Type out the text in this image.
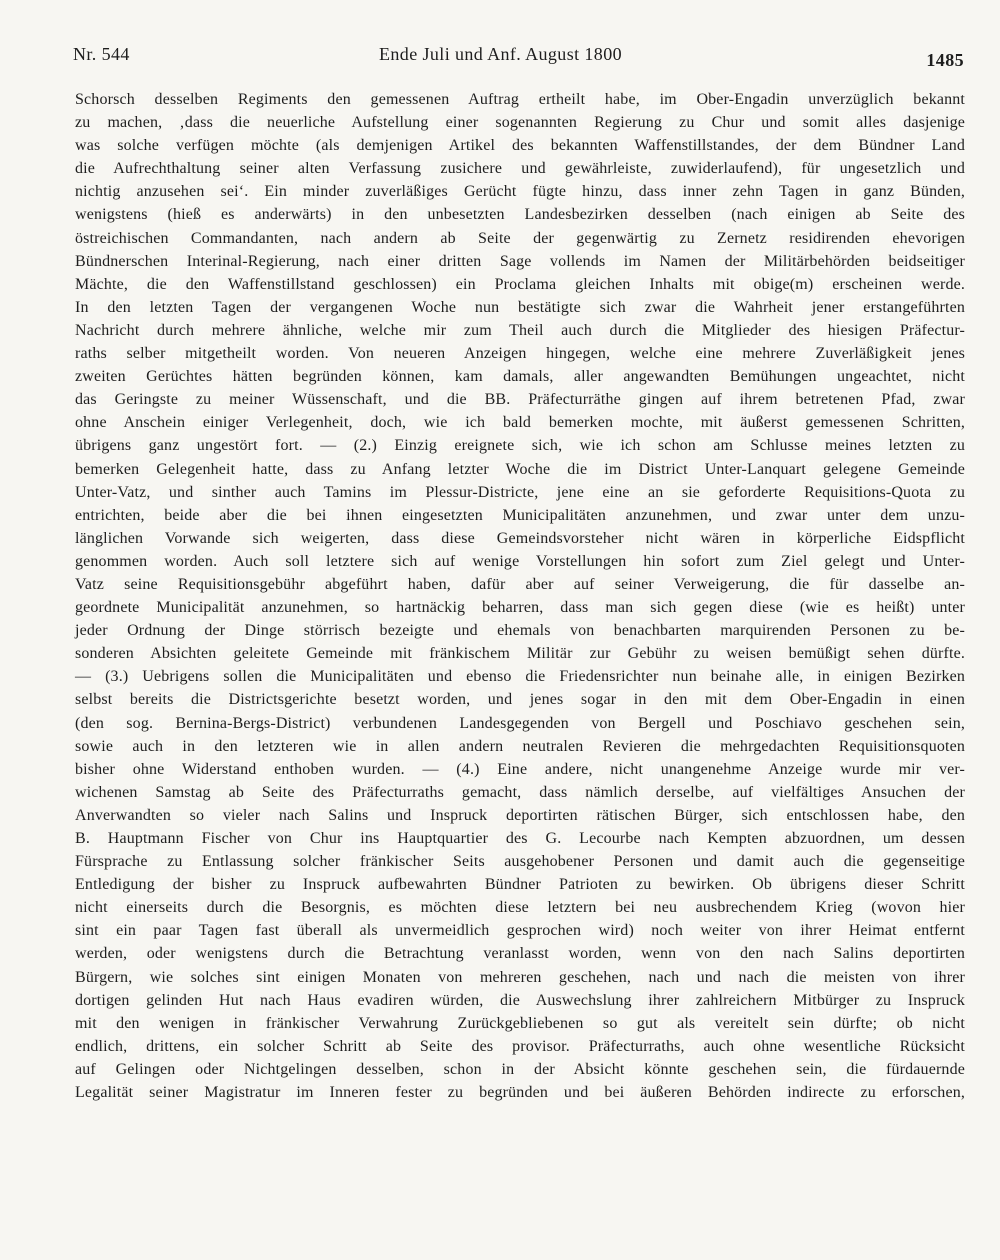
Nr. 544	Ende Juli und Anf. August 1800	1485
Schorsch desselben Regiments den gemessenen Auftrag ertheilt habe, im Ober-Engadin unverzüglich bekannt
zu machen, ‚dass die neuerliche Aufstellung einer sogenannten Regierung zu Chur und somit alles dasjenige
was solche verfügen möchte (als demjenigen Artikel des bekannten Waffenstillstandes, der dem Bündner Land
die Aufrechthaltung seiner alten Verfassung zusichere und gewährleiste, zuwiderlaufend), für ungesetzlich und
nichtig anzusehen sei‘. Ein minder zuverläßiges Gerücht fügte hinzu, dass inner zehn Tagen in ganz Bünden,
wenigstens (hieß es anderwärts) in den unbesetzten Landesbezirken desselben (nach einigen ab Seite des
östreichischen Commandanten, nach andern ab Seite der gegenwärtig zu Zernetz residirenden ehevorigen
Bündnerschen Interinal-Regierung, nach einer dritten Sage vollends im Namen der Militärbehörden beidseitiger
Mächte, die den Waffenstillstand geschlossen) ein Proclama gleichen Inhalts mit obige(m) erscheinen werde.
In den letzten Tagen der vergangenen Woche nun bestätigte sich zwar die Wahrheit jener erstangeführten
Nachricht durch mehrere ähnliche, welche mir zum Theil auch durch die Mitglieder des hiesigen Präfectur-
raths selber mitgetheilt worden. Von neueren Anzeigen hingegen, welche eine mehrere Zuverläßigkeit jenes
zweiten Gerüchtes hätten begründen können, kam damals, aller angewandten Bemühungen ungeachtet, nicht
das Geringste zu meiner Wüssenschaft, und die BB. Präfecturräthe gingen auf ihrem betretenen Pfad, zwar
ohne Anschein einiger Verlegenheit, doch, wie ich bald bemerken mochte, mit äußerst gemessenen Schritten,
übrigens ganz ungestört fort. — (2.) Einzig ereignete sich, wie ich schon am Schlusse meines letzten zu
bemerken Gelegenheit hatte, dass zu Anfang letzter Woche die im District Unter-Lanquart gelegene Gemeinde
Unter-Vatz, und sinther auch Tamins im Plessur-Districte, jene eine an sie geforderte Requisitions-Quota zu
entrichten, beide aber die bei ihnen eingesetzten Municipalitäten anzunehmen, und zwar unter dem unzu-
länglichen Vorwande sich weigerten, dass diese Gemeindsvorsteher nicht wären in körperliche Eidspflicht
genommen worden. Auch soll letztere sich auf wenige Vorstellungen hin sofort zum Ziel gelegt und Unter-
Vatz seine Requisitionsgebühr abgeführt haben, dafür aber auf seiner Verweigerung, die für dasselbe an-
geordnete Municipalität anzunehmen, so hartnäckig beharren, dass man sich gegen diese (wie es heißt) unter
jeder Ordnung der Dinge störrisch bezeigte und ehemals von benachbarten marquirenden Personen zu be-
sonderen Absichten geleitete Gemeinde mit fränkischem Militär zur Gebühr zu weisen bemüßigt sehen dürfte.
— (3.) Uebrigens sollen die Municipalitäten und ebenso die Friedensrichter nun beinahe alle, in einigen Bezirken
selbst bereits die Districtsgerichte besetzt worden, und jenes sogar in den mit dem Ober-Engadin in einen
(den sog. Bernina-Bergs-District) verbundenen Landesgegenden von Bergell und Poschiavo geschehen sein,
sowie auch in den letzteren wie in allen andern neutralen Revieren die mehrgedachten Requisitionsquoten
bisher ohne Widerstand enthoben wurden. — (4.) Eine andere, nicht unangenehme Anzeige wurde mir ver-
wichenen Samstag ab Seite des Präfecturraths gemacht, dass nämlich derselbe, auf vielfältiges Ansuchen der
Anverwandten so vieler nach Salins und Inspruck deportirten rätischen Bürger, sich entschlossen habe, den
B. Hauptmann Fischer von Chur ins Hauptquartier des G. Lecourbe nach Kempten abzuordnen, um dessen
Fürsprache zu Entlassung solcher fränkischer Seits ausgehobener Personen und damit auch die gegenseitige
Entledigung der bisher zu Inspruck aufbewahrten Bündner Patrioten zu bewirken. Ob übrigens dieser Schritt
nicht einerseits durch die Besorgnis, es möchten diese letztern bei neu ausbrechendem Krieg (wovon hier
sint ein paar Tagen fast überall als unvermeidlich gesprochen wird) noch weiter von ihrer Heimat entfernt
werden, oder wenigstens durch die Betrachtung veranlasst worden, wenn von den nach Salins deportirten
Bürgern, wie solches sint einigen Monaten von mehreren geschehen, nach und nach die meisten von ihrer
dortigen gelinden Hut nach Haus evadiren würden, die Auswechslung ihrer zahlreichern Mitbürger zu Inspruck
mit den wenigen in fränkischer Verwahrung Zurückgebliebenen so gut als vereitelt sein dürfte; ob nicht
endlich, drittens, ein solcher Schritt ab Seite des provisor. Präfecturraths, auch ohne wesentliche Rücksicht
auf Gelingen oder Nichtgelingen desselben, schon in der Absicht könnte geschehen sein, die fürdauernde
Legalität seiner Magistratur im Inneren fester zu begründen und bei äußeren Behörden indirecte zu erforschen,
